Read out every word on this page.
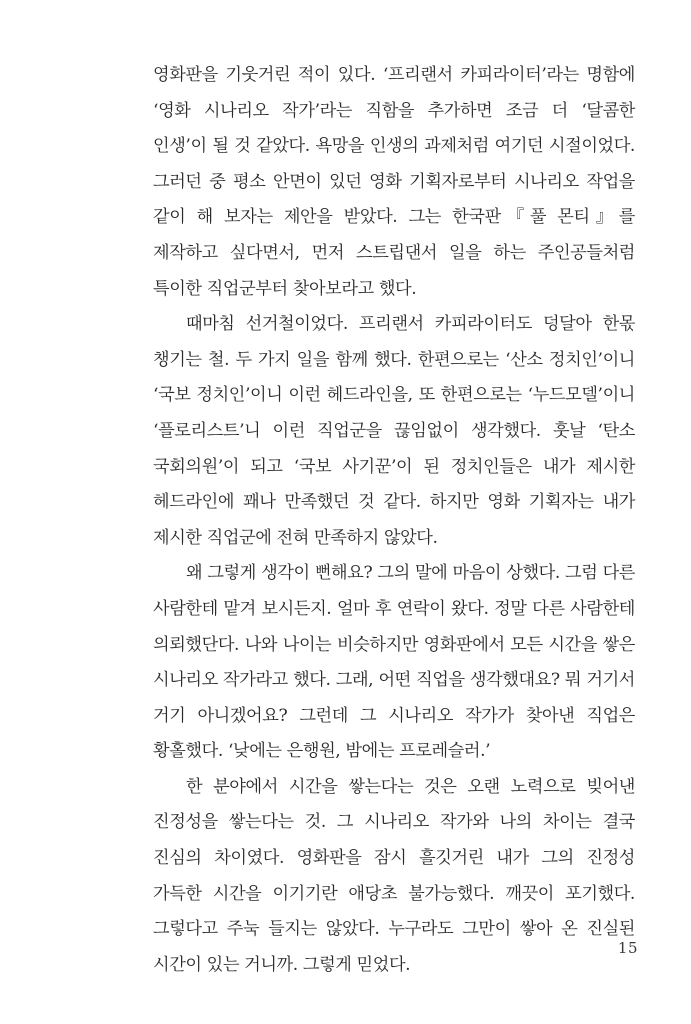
영화판을 기웃거린 적이 있다. ‘프리랜서 카피라이터’라는 명함에 ‘영화 시나리오 작가’라는 직함을 추가하면 조금 더 ‘달콤한 인생’이 될 것 같았다. 욕망을 인생의 과제처럼 여기던 시절이었다. 그러던 중 평소 안면이 있던 영화 기획자로부터 시나리오 작업을 같이 해 보자는 제안을 받았다. 그는 한국판『풀 몬티』를 제작하고 싶다면서, 먼저 스트립댄서 일을 하는 주인공들처럼 특이한 직업군부터 찾아보라고 했다.

때마침 선거철이었다. 프리랜서 카피라이터도 덩달아 한몫 챙기는 철. 두 가지 일을 함께 했다. 한편으로는 ‘산소 정치인’이니 ‘국보 정치인’이니 이런 헤드라인을, 또 한편으로는 ‘누드모델’이니 ‘플로리스트’니 이런 직업군을 끊임없이 생각했다. 훗날 ‘탄소 국회의원’이 되고 ‘국보 사기꾼’이 된 정치인들은 내가 제시한 헤드라인에 꽤나 만족했던 것 같다. 하지만 영화 기획자는 내가 제시한 직업군에 전혀 만족하지 않았다.

왜 그렇게 생각이 뻔해요? 그의 말에 마음이 상했다. 그럼 다른 사람한테 맡겨 보시든지. 얼마 후 연락이 왔다. 정말 다른 사람한테 의뢰했단다. 나와 나이는 비슷하지만 영화판에서 모든 시간을 쌓은 시나리오 작가라고 했다. 그래, 어떤 직업을 생각했대요? 뭐 거기서 거기 아니겠어요? 그런데 그 시나리오 작가가 찾아낸 직업은 황홀했다. ‘낮에는 은행원, 밤에는 프로레슬러.’

한 분야에서 시간을 쌓는다는 것은 오랜 노력으로 빚어낸 진정성을 쌓는다는 것. 그 시나리오 작가와 나의 차이는 결국 진심의 차이였다. 영화판을 잠시 흘깃거린 내가 그의 진정성 가득한 시간을 이기기란 애당초 불가능했다. 깨끗이 포기했다. 그렇다고 주눅 들지는 않았다. 누구라도 그만이 쌓아 온 진실된 시간이 있는 거니까. 그렇게 믿었다.

15
